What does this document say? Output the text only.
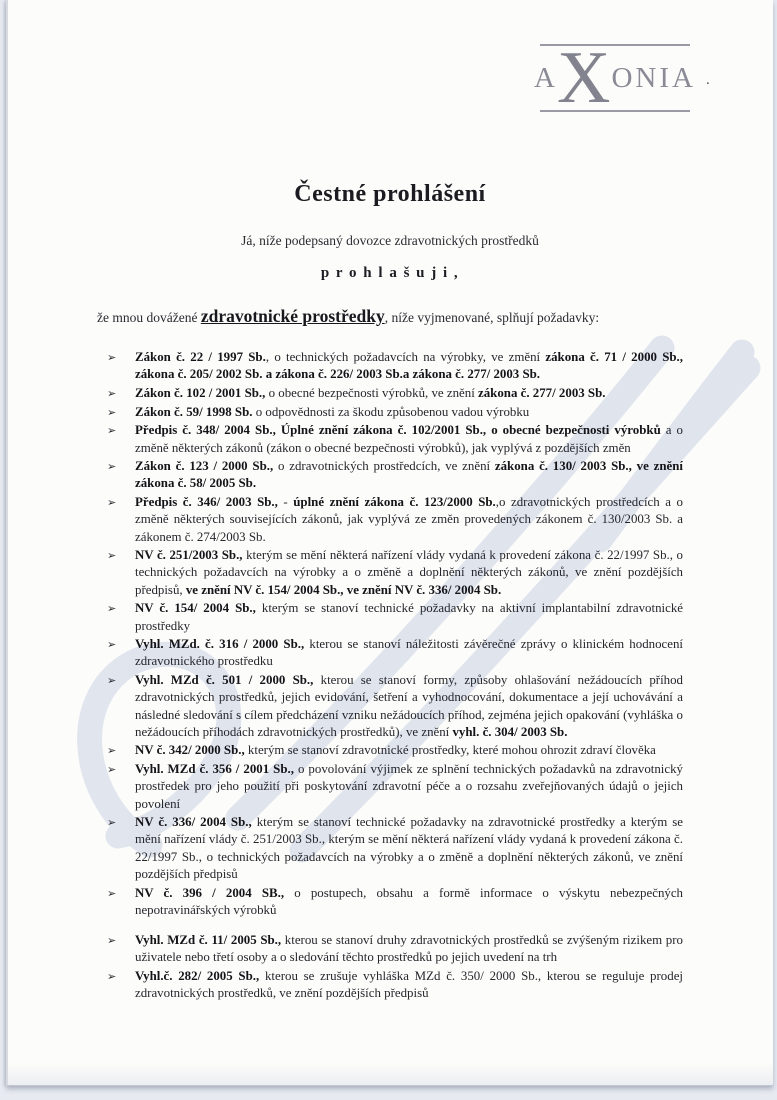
A X ONIA .
Čestné prohlášení
Já, níže podepsaný dovozce zdravotnických prostředků
p r o h l a š u j i ,
že mnou dovážené zdravotnické prostředky, níže vyjmenované, splňují požadavky:
➢ Zákon č. 22 / 1997 Sb., o technických požadavcích na výrobky, ve změní zákona č. 71 / 2000 Sb., zákona č. 205/ 2002 Sb. a zákona č. 226/ 2003 Sb.a zákona č. 277/ 2003 Sb.
➢ Zákon č. 102 / 2001 Sb., o obecné bezpečnosti výrobků, ve znění zákona č. 277/ 2003 Sb.
➢ Zákon č. 59/ 1998 Sb. o odpovědnosti za škodu způsobenou vadou výrobku
➢ Předpis č. 348/ 2004 Sb., Úplné znění zákona č. 102/2001 Sb., o obecné bezpečnosti výrobků a o změně některých zákonů (zákon o obecné bezpečnosti výrobků), jak vyplývá z pozdějších změn
➢ Zákon č. 123 / 2000 Sb., o zdravotnických prostředcích, ve znění zákona č. 130/ 2003 Sb., ve znění zákona č. 58/ 2005 Sb.
➢ Předpis č. 346/ 2003 Sb., - úplné znění zákona č. 123/2000 Sb.,o zdravotnických prostředcích a o změně některých souvisejících zákonů, jak vyplývá ze změn provedených zákonem č. 130/2003 Sb. a zákonem č. 274/2003 Sb.
➢ NV č. 251/2003 Sb., kterým se mění některá nařízení vlády vydaná k provedení zákona č. 22/1997 Sb., o technických požadavcích na výrobky a o změně a doplnění některých zákonů, ve znění pozdějších předpisů, ve znění NV č. 154/ 2004 Sb., ve znění NV č. 336/ 2004 Sb.
➢ NV č. 154/ 2004 Sb., kterým se stanoví technické požadavky na aktivní implantabilní zdravotnické prostředky
➢ Vyhl. MZd. č. 316 / 2000 Sb., kterou se stanoví náležitosti závěrečné zprávy o klinickém hodnocení zdravotnického prostředku
➢ Vyhl. MZd č. 501 / 2000 Sb., kterou se stanoví formy, způsoby ohlašování nežádoucích příhod zdravotnických prostředků, jejich evidování, šetření a vyhodnocování, dokumentace a její uchovávání a následné sledování s cílem předcházení vzniku nežádoucích příhod, zejména jejich opakování (vyhláška o nežádoucích příhodách zdravotnických prostředků), ve znění vyhl. č. 304/ 2003 Sb.
➢ NV č. 342/ 2000 Sb., kterým se stanoví zdravotnické prostředky, které mohou ohrozit zdraví člověka
➢ Vyhl. MZd č. 356 / 2001 Sb., o povolování výjimek ze splnění technických požadavků na zdravotnický prostředek pro jeho použití při poskytování zdravotní péče a o rozsahu zveřejňovaných údajů o jejich povolení
➢ NV č. 336/ 2004 Sb., kterým se stanoví technické požadavky na zdravotnické prostředky a kterým se mění nařízení vlády č. 251/2003 Sb., kterým se mění některá nařízení vlády vydaná k provedení zákona č. 22/1997 Sb., o technických požadavcích na výrobky a o změně a doplnění některých zákonů, ve znění pozdějších předpisů
➢ NV č. 396 / 2004 SB., o postupech, obsahu a formě informace o výskytu nebezpečných nepotravinářských výrobků
➢ Vyhl. MZd č. 11/ 2005 Sb., kterou se stanoví druhy zdravotnických prostředků se zvýšeným rizikem pro uživatele nebo třetí osoby a o sledování těchto prostředků po jejich uvedení na trh
➢ Vyhl.č. 282/ 2005 Sb., kterou se zrušuje vyhláška MZd č. 350/ 2000 Sb., kterou se reguluje prodej zdravotnických prostředků, ve znění pozdějších předpisů
